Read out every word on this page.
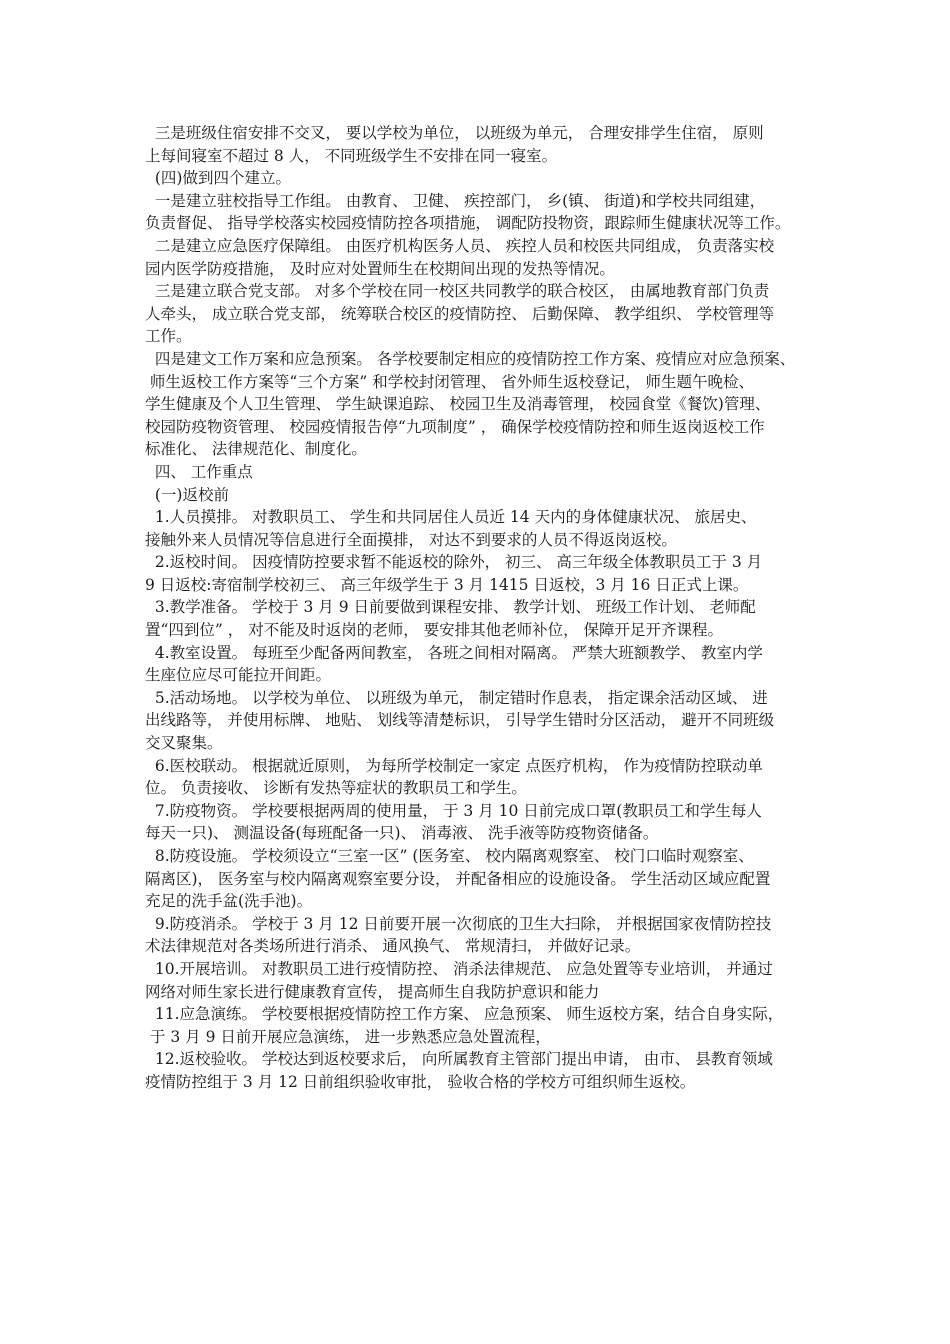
三是班级住宿安排不交叉， 要以学校为单位， 以班级为单元， 合理安排学生住宿， 原则

上每间寝室不超过 8 人， 不同班级学生不安排在同一寝室。

(四)做到四个建立。

一是建立驻校指导工作组。 由教育、 卫健、 疾控部门， 乡(镇、 街道)和学校共同组建，

负责督促、 指导学校落实校园疫情防控各项措施， 调配防投物资，跟踪师生健康状况等工作。

二是建立应急医疗保障组。 由医疗机构医务人员、 疾控人员和校医共同组成， 负责落实校

园内医学防疫措施， 及时应对处置师生在校期间出现的发热等情况。

三是建立联合党支部。 对多个学校在同一校区共同教学的联合校区， 由属地教育部门负责

人牵头， 成立联合党支部， 统筹联合校区的疫情防控、 后勤保障、 教学组织、 学校管理等

工作。

四是建文工作万案和应急预案。 各学校要制定相应的疫情防控工作方案、疫情应对应急预案、

师生返校工作方案等“三个方案” 和学校封闭管理、 省外师生返校登记， 师生题午晚检、

学生健康及个人卫生管理、 学生缺课追踪、 校园卫生及消毒管理， 校园食堂《餐饮)管理、

校园防疫物资管理、 校园疫情报告停“九项制度” ， 确保学校疫情防控和师生返岗返校工作

标准化、 法律规范化、制度化。

四、 工作重点

(一)返校前

1.人员摸排。 对教职员工、 学生和共同居住人员近 14 天内的身体健康状况、 旅居史、

接触外来人员情况等信息进行全面摸排， 对达不到要求的人员不得返岗返校。

2.返校时间。 因疫情防控要求暂不能返校的除外， 初三、 高三年级全体教职员工于 3 月

9 日返校:寄宿制学校初三、 高三年级学生于 3 月 1415 日返校，3 月 16 日正式上课。

3.教学准备。 学校于 3 月 9 日前要做到课程安排、 教学计划、 班级工作计划、 老师配

置“四到位” ， 对不能及时返岗的老师， 要安排其他老师补位， 保障开足开齐课程。

4.教室设置。 每班至少配备两间教室， 各班之间相对隔离。 严禁大班额教学、 教室内学

生座位应尽可能拉开间距。

5.活动场地。 以学校为单位、 以班级为单元， 制定错时作息表， 指定课余活动区域、 进

出线路等， 并使用标牌、 地贴、 划线等清楚标识， 引导学生错时分区活动， 避开不同班级

交叉聚集。

6.医校联动。 根据就近原则， 为每所学校制定一家定 点医疗机构， 作为疫情防控联动单

位。 负责接收、 诊断有发热等症状的教职员工和学生。

7.防疫物资。 学校要根据两周的使用量， 于 3 月 10 日前完成口罩(教职员工和学生每人

每天一只)、 测温设备(每班配备一只)、 消毒液、 洗手液等防疫物资储备。

8.防疫设施。 学校须设立“三室一区” (医务室、 校内隔离观察室、 校门口临时观察室、

隔离区)， 医务室与校内隔离观察室要分设， 并配备相应的设施设备。 学生活动区域应配置

充足的洗手盆(洗手池)。

9.防疫消杀。 学校于 3 月 12 日前要开展一次彻底的卫生大扫除， 并根据国家夜情防控技

术法律规范对各类场所进行消杀、 通风换气、 常规清扫， 并做好记录。

10.开展培训。 对教职员工进行疫情防控、 消杀法律规范、 应急处置等专业培训， 并通过

网络对师生家长进行健康教育宣传， 提高师生自我防护意识和能力

11.应急演练。 学校要根据疫情防控工作方案、 应急预案、 师生返校方案，结合自身实际，

于 3 月 9 日前开展应急演练， 进一步熟悉应急处置流程，

12.返校验收。 学校达到返校要求后， 向所属教育主管部门提出申请， 由市、 县教育领域

疫情防控组于 3 月 12 日前组织验收审批， 验收合格的学校方可组织师生返校。
